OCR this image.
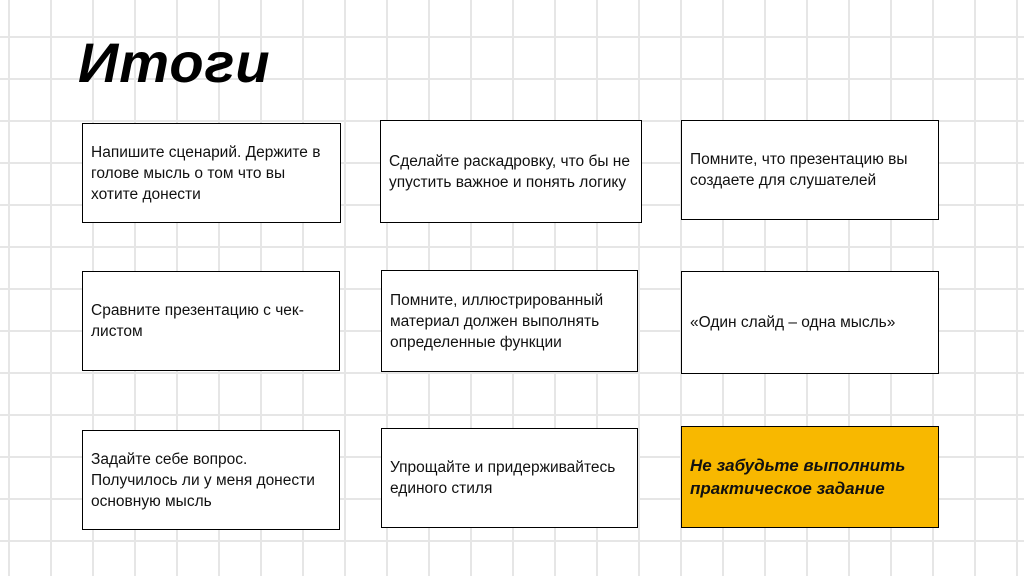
Итоги
Напишите сценарий. Держите в голове мысль о том что вы хотите донести
Сделайте раскадровку, что бы не упустить важное и понять логику
Помните, что презентацию вы создаете для слушателей
Сравните презентацию с чек-листом
Помните, иллюстрированный материал должен выполнять определенные функции
«Один слайд – одна мысль»
Задайте себе вопрос. Получилось ли у меня донести основную мысль
Упрощайте и придерживайтесь единого стиля
Не забудьте выполнить практическое задание
